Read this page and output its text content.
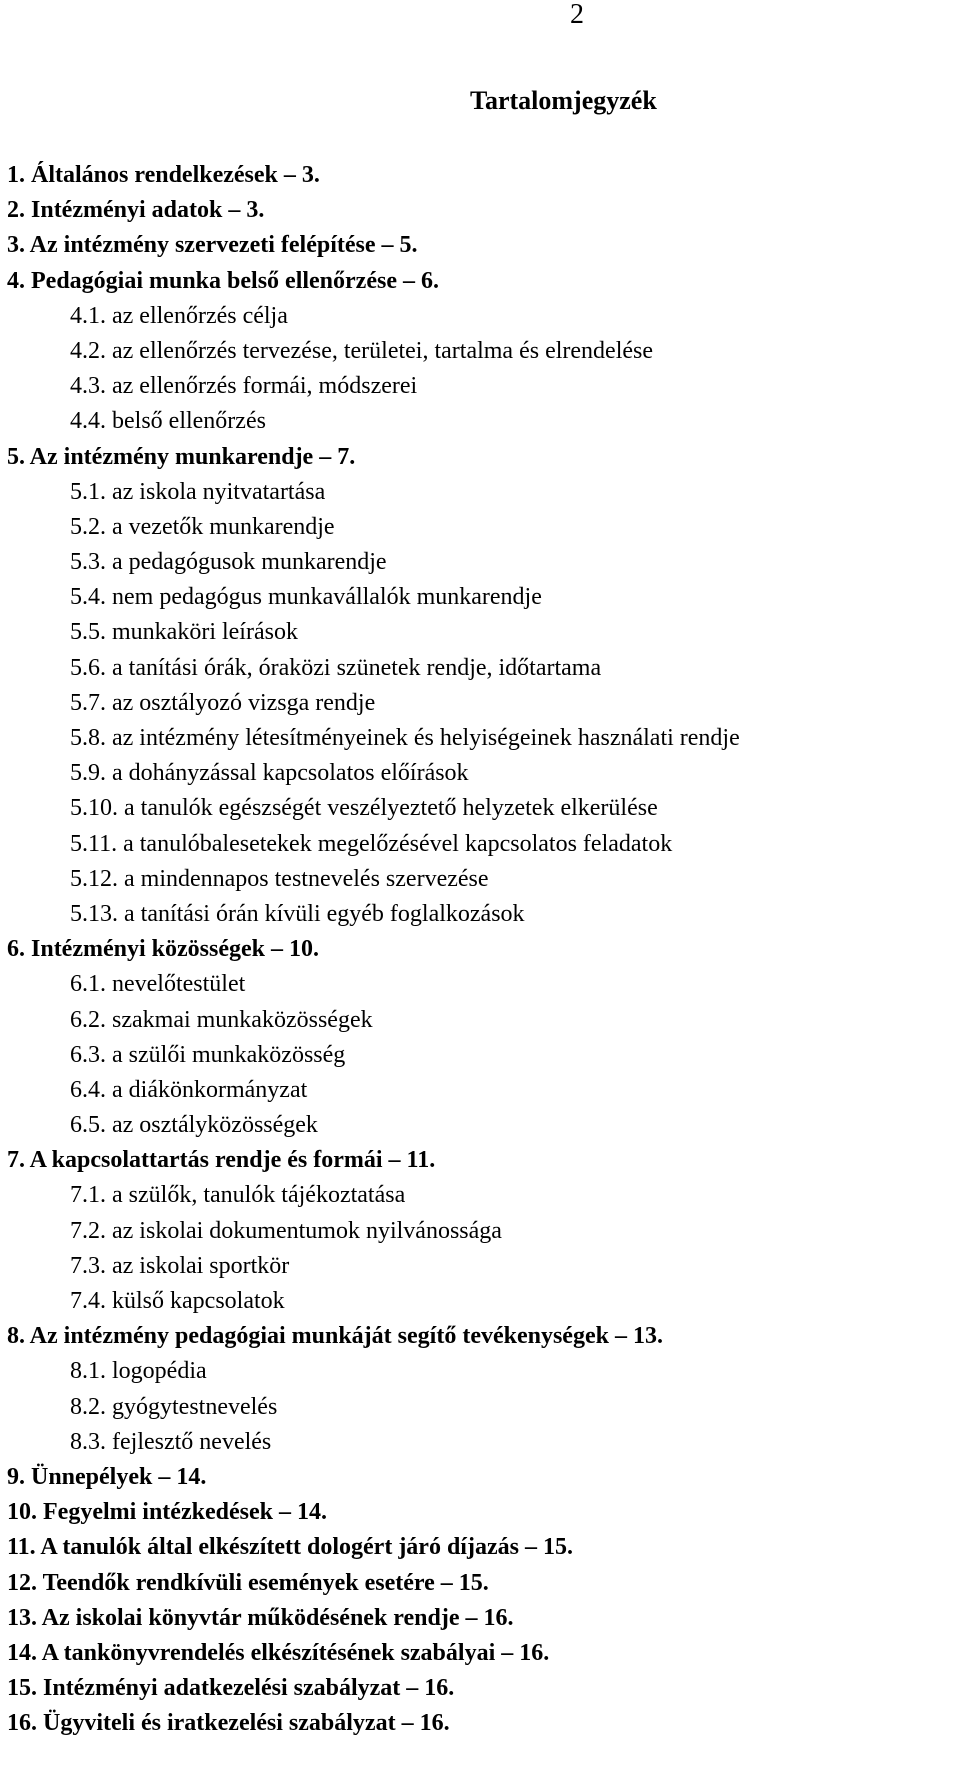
2
Tartalomjegyzék
1. Általános rendelkezések – 3.
2. Intézményi adatok – 3.
3. Az intézmény szervezeti felépítése – 5.
4. Pedagógiai munka belső ellenőrzése – 6.
4.1. az ellenőrzés célja
4.2. az ellenőrzés tervezése, területei, tartalma és elrendelése
4.3. az ellenőrzés formái, módszerei
4.4. belső ellenőrzés
5. Az intézmény munkarendje – 7.
5.1. az iskola nyitvatartása
5.2. a vezetők munkarendje
5.3. a pedagógusok munkarendje
5.4. nem pedagógus munkavállalók munkarendje
5.5. munkaköri leírások
5.6. a tanítási órák, óraközi szünetek rendje, időtartama
5.7. az osztályozó vizsga rendje
5.8. az intézmény létesítményeinek és helyiségeinek használati rendje
5.9. a dohányzással kapcsolatos előírások
5.10. a tanulók egészségét veszélyeztető helyzetek elkerülése
5.11. a tanulóbalesetekek megelőzésével kapcsolatos feladatok
5.12. a mindennapos testnevelés szervezése
5.13. a tanítási órán kívüli egyéb foglalkozások
6. Intézményi közösségek – 10.
6.1. nevelőtestület
6.2. szakmai munkaközösségek
6.3. a szülői munkaközösség
6.4. a diákönkormányzat
6.5. az osztályközösségek
7. A kapcsolattartás rendje és formái – 11.
7.1. a szülők, tanulók tájékoztatása
7.2. az iskolai dokumentumok nyilvánossága
7.3. az iskolai sportkör
7.4. külső kapcsolatok
8. Az intézmény pedagógiai munkáját segítő tevékenységek – 13.
8.1. logopédia
8.2. gyógytestnevelés
8.3. fejlesztő nevelés
9. Ünnepélyek – 14.
10. Fegyelmi intézkedések – 14.
11. A tanulók által elkészített dologért járó díjazás – 15.
12. Teendők rendkívüli események esetére – 15.
13. Az iskolai könyvtár működésének rendje – 16.
14. A tankönyvrendelés elkészítésének szabályai – 16.
15. Intézményi adatkezelési szabályzat – 16.
16. Ügyviteli és iratkezelési szabályzat – 16.
